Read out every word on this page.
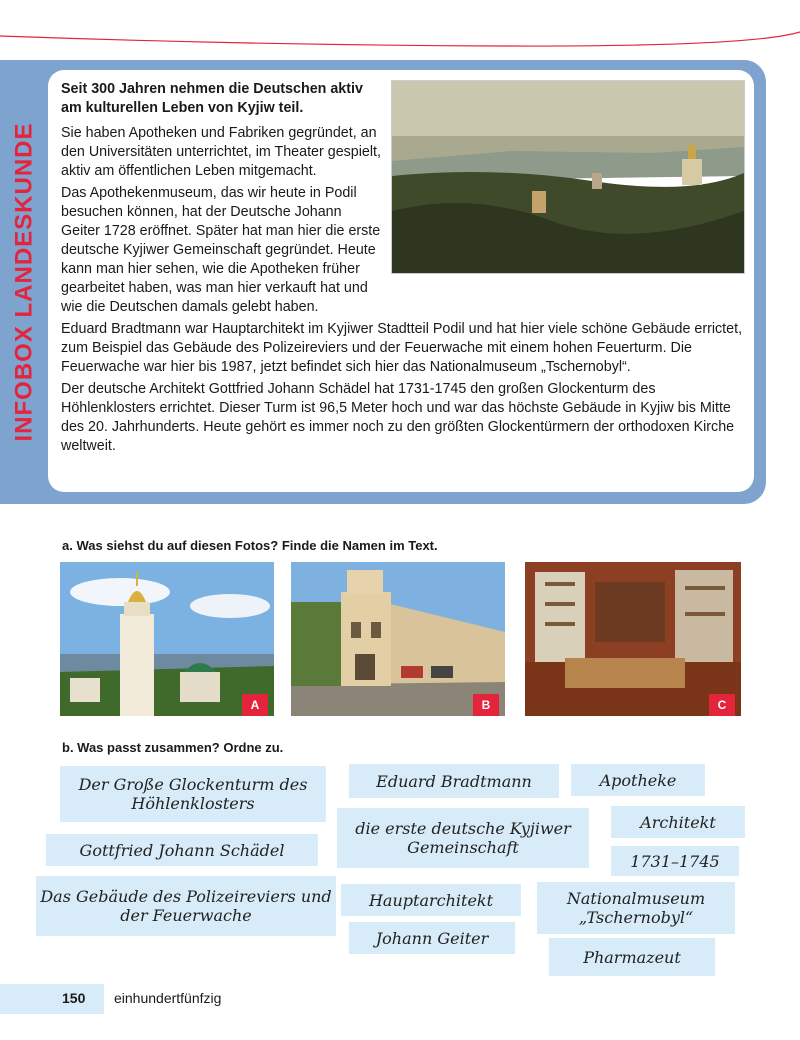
INFOBOX LANDESKUNDE

Seit 300 Jahren nehmen die Deutschen aktiv am kulturellen Leben von Kyjiw teil.

Sie haben Apotheken und Fabriken gegründet, an den Universitäten unterrichtet, im Theater gespielt, aktiv am öffentlichen Leben mitgemacht.

Das Apothekenmuseum, das wir heute in Podil besuchen können, hat der Deutsche Johann Geiter 1728 eröffnet. Später hat man hier die erste deutsche Kyjiwer Gemeinschaft gegründet. Heute kann man hier sehen, wie die Apotheken früher gearbeitet haben, was man hier verkauft hat und wie die Deutschen damals gelebt haben.

Eduard Bradtmann war Hauptarchitekt im Kyjiwer Stadtteil Podil und hat hier viele schöne Gebäude errictet, zum Beispiel das Gebäude des Polizeireviers und der Feuerwache mit einem hohen Feuerturm. Die Feuerwache war hier bis 1987, jetzt befindet sich hier das Nationalmuseum „Tschernobyl“.

Der deutsche Architekt Gottfried Johann Schädel hat 1731-1745 den großen Glockenturm des Höhlenklosters errichtet. Dieser Turm ist 96,5 Meter hoch und war das höchste Gebäude in Kyjiw bis Mitte des 20. Jahrhunderts. Heute gehört es immer noch zu den größten Glockentürmern der orthodoxen Kirche weltweit.

a. Was siehst du auf diesen Fotos? Finde die Namen im Text.
A	B	C
b. Was passt zusammen? Ordne zu.
Der Große Glockenturm des Höhlenklosters
Eduard Bradtmann	Apotheke
Architekt
die erste deutsche Kyjiwer Gemeinschaft
Gottfried Johann Schädel
1731–1745
Das Gebäude des Polizeireviers und der Feuerwache
Hauptarchitekt	Nationalmuseum „Tschernobyl“
Johann Geiter
Pharmazeut
150 einhundertfünfzig
